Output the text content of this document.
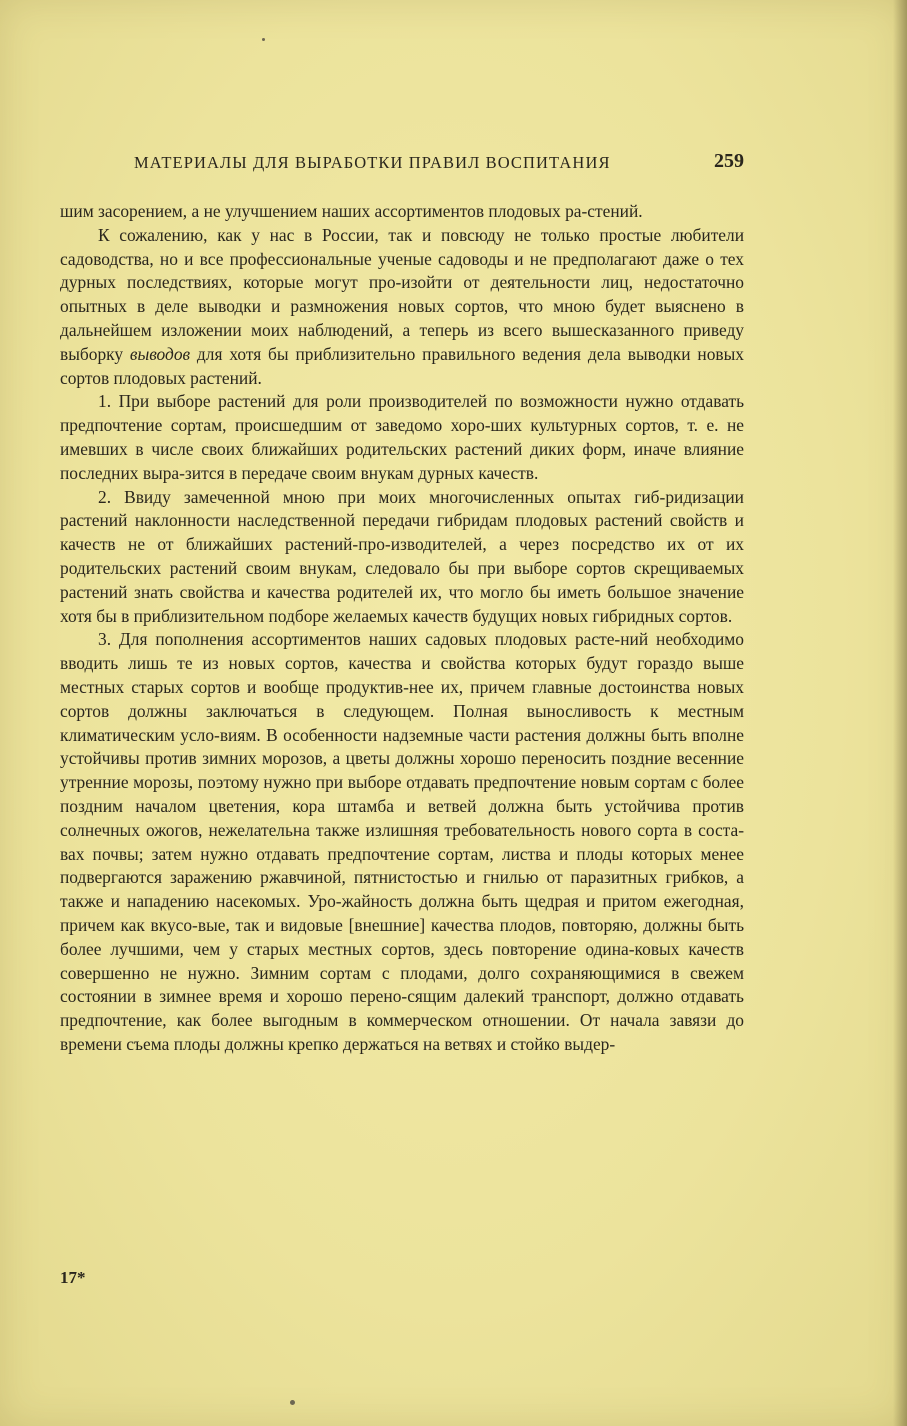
МАТЕРИАЛЫ ДЛЯ ВЫРАБОТКИ ПРАВИЛ ВОСПИТАНИЯ	259

шим засорением, а не улучшением наших ассортиментов плодовых ра-стений.

К сожалению, как у нас в России, так и повсюду не только простые любители садоводства, но и все профессиональные ученые садоводы и не предполагают даже о тех дурных последствиях, которые могут про-изойти от деятельности лиц, недостаточно опытных в деле выводки и размножения новых сортов, что мною будет выяснено в дальнейшем изложении моих наблюдений, а теперь из всего вышесказанного приведу выборку выводов для хотя бы приблизительно правильного ведения дела выводки новых сортов плодовых растений.

1. При выборе растений для роли производителей по возможности нужно отдавать предпочтение сортам, происшедшим от заведомо хоро-ших культурных сортов, т. е. не имевших в числе своих ближайших родительских растений диких форм, иначе влияние последних выра-зится в передаче своим внукам дурных качеств.

2. Ввиду замеченной мною при моих многочисленных опытах гиб-ридизации растений наклонности наследственной передачи гибридам плодовых растений свойств и качеств не от ближайших растений-про-изводителей, а через посредство их от их родительских растений своим внукам, следовало бы при выборе сортов скрещиваемых растений знать свойства и качества родителей их, что могло бы иметь большое значение хотя бы в приблизительном подборе желаемых качеств будущих новых гибридных сортов.

3. Для пополнения ассортиментов наших садовых плодовых расте-ний необходимо вводить лишь те из новых сортов, качества и свойства которых будут гораздо выше местных старых сортов и вообще продуктив-нее их, причем главные достоинства новых сортов должны заключаться в следующем. Полная выносливость к местным климатическим усло-виям. В особенности надземные части растения должны быть вполне устойчивы против зимних морозов, а цветы должны хорошо переносить поздние весенние утренние морозы, поэтому нужно при выборе отдавать предпочтение новым сортам с более поздним началом цветения, кора штамба и ветвей должна быть устойчива против солнечных ожогов, нежелательна также излишняя требовательность нового сорта в соста-вах почвы; затем нужно отдавать предпочтение сортам, листва и плоды которых менее подвергаются заражению ржавчиной, пятнистостью и гнилью от паразитных грибков, а также и нападению насекомых. Уро-жайность должна быть щедрая и притом ежегодная, причем как вкусо-вые, так и видовые [внешние] качества плодов, повторяю, должны быть более лучшими, чем у старых местных сортов, здесь повторение одина-ковых качеств совершенно не нужно. Зимним сортам с плодами, долго сохраняющимися в свежем состоянии в зимнее время и хорошо перено-сящим далекий транспорт, должно отдавать предпочтение, как более выгодным в коммерческом отношении. От начала завязи до времени съема плоды должны крепко держаться на ветвях и стойко выдер-

17*
